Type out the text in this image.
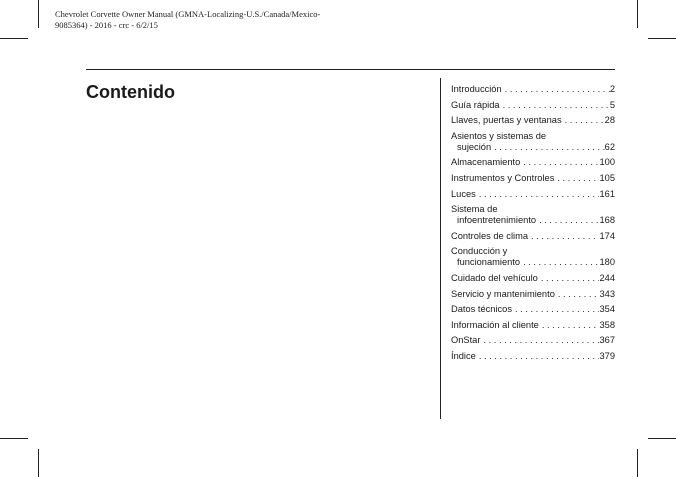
Chevrolet Corvette Owner Manual (GMNA-Localizing-U.S./Canada/Mexico-
9085364) - 2016 - crc - 6/2/15
Contenido	Introducción . . .	2
Guía rápida . . .	5
Llaves, puertas y ventanas . . .	28
Asientos y sistemas de
sujeción . . .	62
Almacenamiento . . .	100
Instrumentos y Controles . . .	105
Luces . . .	161
Sistema de
infoentretenimiento . . .	168
Controles de clima . . .	174
Conducción y
funcionamiento . . .	180
Cuidado del vehículo . . .	244
Servicio y mantenimiento . . .	343
Datos técnicos . . .	354
Información al cliente . . .	358
OnStar . . .	367
Índice . . .	379
